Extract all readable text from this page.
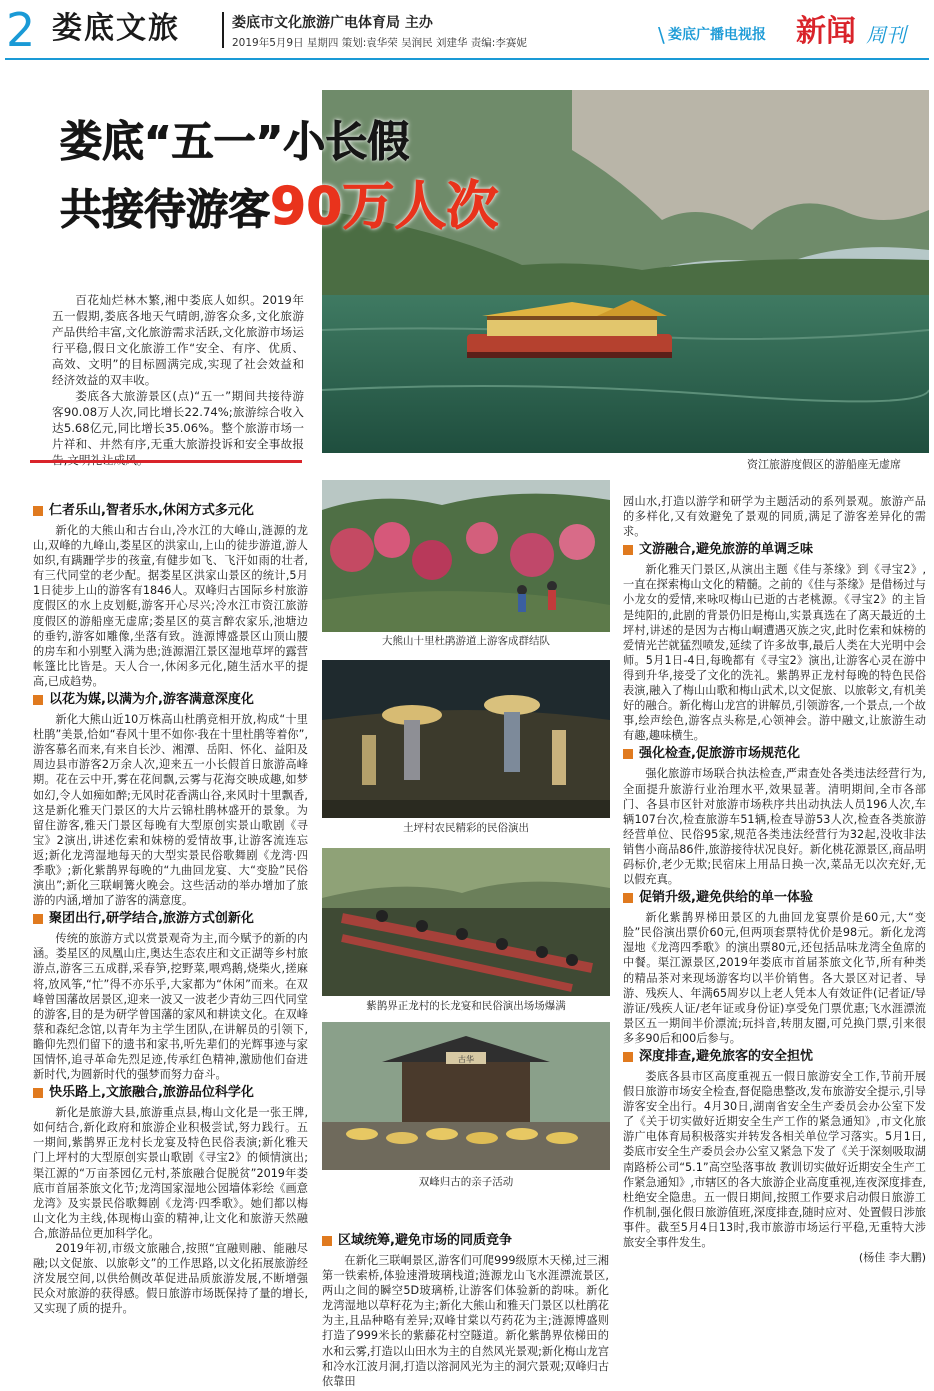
2 娄底文旅	娄底市文化旅游广电体育局 主办
2019年5月9日 星期四 策划:袁华荣 吴润民 刘建华 责编:李赛妮	\ 娄底广播电视报 新闻 周刊
资江旅游度假区的游船座无虚席
娄底“五一”小长假
共接待游客90万人次

百花灿烂林木繁,湘中娄底人如织。2019年五一假期,娄底各地天气晴朗,游客众多,文化旅游产品供给丰富,文化旅游需求活跃,文化旅游市场运行平稳,假日文化旅游工作“安全、有序、优质、高效、文明”的目标圆满完成,实现了社会效益和经济效益的双丰收。

娄底各大旅游景区(点)“五一”期间共接待游客90.08万人次,同比增长22.74%;旅游综合收入达5.68亿元,同比增长35.06%。整个旅游市场一片祥和、井然有序,无重大旅游投诉和安全事故报

仁者乐山,智者乐水,休闲方式多元化

新化的大熊山和古台山,冷水江的大峰山,涟源的龙山,双峰的九峰山,娄星区的洪家山,上山的徒步游道,游人如织,有蹒跚学步的孩童,有健步如飞、飞汗如雨的壮者,有三代同堂的老少配。据娄星区洪家山景区的统计,5月1日徒步上山的游客有1846人。双峰归古国际乡村旅游度假区的水上皮划艇,游客开心尽兴;冷水江市资江旅游度假区的游船座无虚席;娄星区的莫言醉农家乐,池塘边的垂钓,游客如雕像,坐落有致。涟源博盛景区山顶山腰的房车和小别墅入满为患;涟源湄江景区湿地草坪的露营帐篷比比皆是。天人合一,休闲多元化,随生活水平的提高,已成趋势。

以花为媒,以满为介,游客满意深度化

新化大熊山近10万株高山杜鹃竞相开放,构成“十里杜鹃”美景,恰如“春风十里不如你·我在十里杜鹃等着你”,游客慕名而来,有来自长沙、湘潭、岳阳、怀化、益阳及周边县市游客2万余人次,迎来五一小长假首日旅游高峰期。花在云中开,雾在花间飘,云雾与花海交映成趣,如梦如幻,令人如痴如醉;无风时花香满山谷,来风时十里飘香,这是新化雅天门景区的大片云锦杜鹃林盛开的景象。为留住游客,雅天门景区每晚有大型原创实景山歌剧《寻宝》2演出,讲述仡索和妹榜的爱情故事,让游客流连忘返;新化龙湾湿地每天的大型实景民俗歌舞剧《龙湾·四季歌》;新化紫鹊界每晚的“九曲回龙宴、大“变脸”民俗演出”;新化三联峒篝火晚会。这些活动的举办增加了旅游的内涵,增加了游客的满意度。

聚团出行,研学结合,旅游方式创新化

传统的旅游方式以赏景观奇为主,而今赋予的新的内涵。娄星区的凤凰山庄,奥达生态农庄和文正湖等乡村旅游点,游客三五成群,采春笋,挖野菜,喂鸡鹅,烧柴火,搓麻将,放风筝,“忙”得不亦乐乎,大家都为“休闲”而来。在双峰曾国藩故居景区,迎来一波又一波老少青幼三四代同堂的游客,目的是为研学曾国藩的家风和耕读文化。在双峰蔡和森纪念馆,以青年为主学生团队,在讲解员的引领下,瞻仰先烈们留下的遗书和家书,听先辈们的光辉事迹与家国情怀,追寻革命先烈足迹,传承红色精神,激励他们奋进新时代,为圆新时代的强梦而努力奋斗。

快乐路上,文旅融合,旅游品位科学化

新化是旅游大县,旅游重点县,梅山文化是一张王牌,如何结合,新化政府和旅游企业积极尝试,努力践行。五一期间,紫鹊界正龙村长龙宴及特色民俗表演;新化雅天门上坪村的大型原创实景山歌剧《寻宝2》的倾情演出;渠江源的“万亩茶园亿元村,茶旅融合促脱贫”2019年娄底市首届茶旅文化节;龙湾国家湿地公园墙体彩绘《画意龙湾》及实景民俗歌舞剧《龙湾·四季歌》。她们都以梅山文化为主线,体现梅山蛮的精神,让文化和旅游天然融合,旅游品位更加科学化。

2019年初,市级文旅融合,按照“宜融则融、能融尽融;以文促旅、以旅彰文”的工作思路,以文化拓展旅游经济发展空间,以供给侧改革促进品质旅游发展,不断增强民众对旅游的获得感。假日旅游市场既保持了量的增长,又实现了质的提升。

大熊山十里杜鹃游道上游客成群结队
土坪村农民精彩的民俗演出
紫鹊界正龙村的长龙宴和民俗演出场场爆满
古华
双峰归古的亲子活动
区域统筹,避免市场的同质竞争

在新化三联峒景区,游客们可爬999级原木天梯,过三湘第一铁索桥,体验速滑玻璃栈道;涟源龙山飞水涯漂流景区,两山之间的瞬空5D玻璃桥,让游客们体验新的韵味。新化龙湾湿地以草籽花为主;新化大熊山和雅天门景区以杜鹃花为主,且品种略有差异;双峰甘棠以芍药花为主;涟源博盛则打造了999米长的紫藤花村空隧道。新化紫鹊界依梯田的水和云雾,打造以山田水为主的自然风光景观;新化梅山龙宫和冷水江波月洞,打造以溶洞风光为主的洞穴景观;双峰归古依靠田

园山水,打造以游学和研学为主题活动的系列景观。旅游产品的多样化,又有效避免了景观的同质,满足了游客差异化的需求。

文游融合,避免旅游的单调乏味

新化雅天门景区,从演出主题《佳与茶缘》到《寻宝2》,一直在探索梅山文化的精髓。之前的《佳与茶缘》是借杨过与小龙女的爱情,来咏叹梅山已逝的古老桃源。《寻宝2》的主旨是纯阳的,此剧的背景仍旧是梅山,实景真选在了离天最近的土坪村,讲述的是因为古梅山峒遭遇灭族之灾,此时仡索和妹榜的爱情光芒就猛烈喷发,延续了许多故事,最后人类在大光明中会师。5月1日-4日,每晚都有《寻宝2》演出,让游客心灵在游中得到升华,接受了文化的洗礼。紫鹊界正龙村每晚的特色民俗表演,融入了梅山山歌和梅山武术,以文促旅、以旅彰文,有机美好的融合。新化梅山龙宫的讲解员,引领游客,一个景点,一个故事,绘声绘色,游客点头称是,心领神会。游中融文,让旅游生动有趣,趣味横生。

强化检查,促旅游市场规范化

强化旅游市场联合执法检查,严肃查处各类违法经营行为,全面提升旅游行业治理水平,效果显著。清明期间,全市各部门、各县市区针对旅游市场秩序共出动执法人员196人次,车辆107台次,检查旅游车51辆,检查导游53人次,检查各类旅游经营单位、民俗95家,规范各类违法经营行为32起,没收非法销售小商品86件,旅游接待状况良好。新化桃花源景区,商品明码标价,老少无欺;民宿床上用品日换一次,菜品无以次充好,无以假充真。

促销升级,避免供给的单一体验

新化紫鹊界梯田景区的九曲回龙宴票价是60元,大“变脸”民俗演出票价60元,但两项套票特优价是98元。新化龙湾湿地《龙湾四季歌》的演出票80元,还包括品味龙湾全鱼席的中餐。渠江源景区,2019年娄底市首届茶旅文化节,所有种类的精品茶对来现场游客均以半价销售。各大景区对记者、导游、残疾人、年满65周岁以上老人凭本人有效证件(记者证/导游证/残疾人证/老年证或身份证)享受免门票优惠;飞水涯漂流景区五一期间半价漂流;玩抖音,转朋友圈,可兑换门票,引来很多多90后和00后参与。

深度排查,避免旅客的安全担忧

娄底各县市区高度重视五一假日旅游安全工作,节前开展假日旅游市场安全检查,督促隐患整改,发布旅游安全提示,引导游客安全出行。4月30日,湖南省安全生产委员会办公室下发了《关于切实做好近期安全生产工作的紧急通知》,市文化旅游广电体育局积极落实并转发各相关单位学习落实。5月1日,娄底市安全生产委员会办公室又紧急下发了《关于深刻吸取湖南路桥公司“5.1”高空坠落事故 教训切实做好近期安全生产工作紧急通知》,市辖区的各大旅游企业高度重视,连夜深度排查,杜绝安全隐患。五一假日期间,按照工作要求启动假日旅游工作机制,强化假日旅游值班,深度排查,随时应对、处置假日涉旅事件。截至5月4日13时,我市旅游市场运行平稳,无重特大涉旅安全事件发生。

(杨佳 李大鹏)
